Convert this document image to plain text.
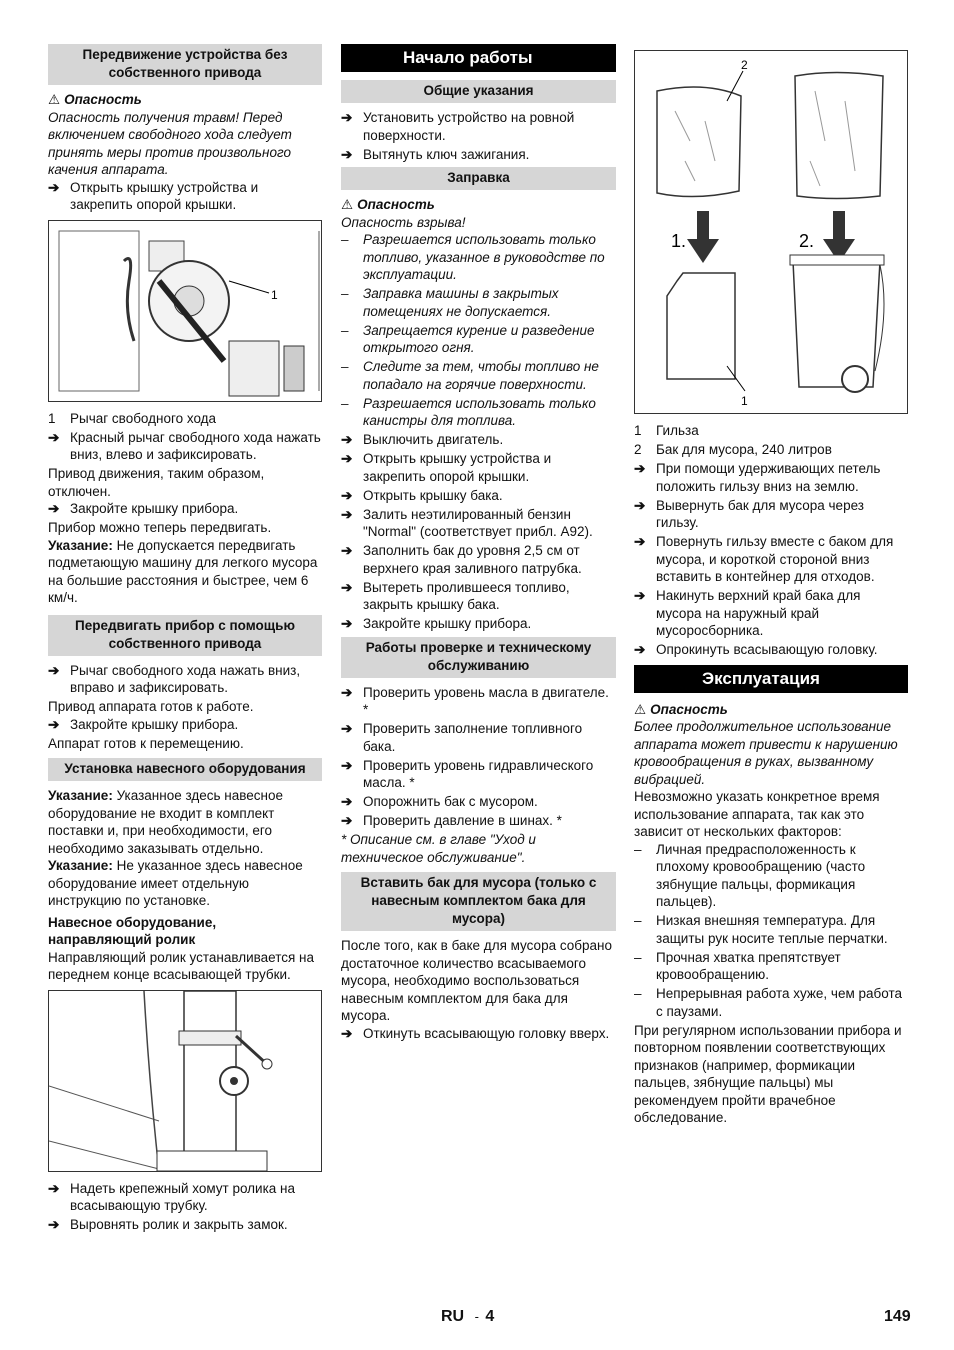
Передвижение устройства без собственного привода
⚠ Опасность

Опасность получения травм! Перед включением свободного хода следует принять меры против произвольного качения аппарата.

➔ Открыть крышку устройства и закрепить опорой крышки.
1
1 Рычаг свободного хода
➔ Красный рычаг свободного хода нажать вниз, влево и зафиксировать.

Привод движения, таким образом, отключен.

➔ Закройте крышку прибора.

Прибор можно теперь передвигать.

Указание: Не допускается передвигать подметающую машину для легкого мусора на большие расстояния и быстрее, чем 6 км/ч.

Передвигать прибор с помощью собственного привода
➔ Рычаг свободного хода нажать вниз, вправо и зафиксировать.

Привод аппарата готов к работе.

➔ Закройте крышку прибора.

Аппарат готов к перемещению.

Установка навесного оборудования

Указание: Указанное здесь навесное оборудование не входит в комплект поставки и, при необходимости, его необходимо заказывать отдельно.

Указание: Не указанное здесь навесное оборудование имеет отдельную инструкцию по установке.

Навесное оборудование, направляющий ролик

Направляющий ролик устанавливается на переднем конце всасывающей трубки.

➔ Надеть крепежный хомут ролика на всасывающую трубку.
➔ Выровнять ролик и закрыть замок.
Начало работы
Общие указания
➔ Установить устройство на ровной поверхности.
➔ Вытянуть ключ зажигания.
Заправка
⚠ Опасность

Опасность взрыва!

– Разрешается использовать только топливо, указанное в руководстве по эксплуатации.
– Заправка машины в закрытых помещениях не допускается.
– Запрещается курение и разведение открытого огня.
– Следите за тем, чтобы топливо не попадало на горячие поверхности.
– Разрешается использовать только канистры для топлива.
➔ Выключить двигатель.
➔ Открыть крышку устройства и закрепить опорой крышки.
➔ Открыть крышку бака.
➔ Залить неэтилированный бензин "Normal" (соответствует прибл. A92).
➔ Заполнить бак до уровня 2,5 см от верхнего края заливного патрубка.
➔ Вытереть пролившееся топливо, закрыть крышку бака.
➔ Закройте крышку прибора.
Работы проверке и техническому обслуживанию
➔ Проверить уровень масла в двигателе. *
➔ Проверить заполнение топливного бака.
➔ Проверить уровень гидравлического масла. *
➔ Опорожнить бак с мусором.
➔ Проверить давление в шинах. *

* Описание см. в главе "Уход и техническое обслуживание".

Вставить бак для мусора (только с навесным комплектом бака для мусора)

После того, как в баке для мусора собрано достаточное количество всасываемого мусора, необходимо воспользоваться навесным комплектом для бака для мусора.

➔ Откинуть всасывающую головку вверх.
2
1.	2.
1
1 Гильза
2 Бак для мусора, 240 литров
➔ При помощи удерживающих петель положить гильзу вниз на землю.
➔ Вывернуть бак для мусора через гильзу.
➔ Повернуть гильзу вместе с баком для мусора, и короткой стороной вниз вставить в контейнер для отходов.
➔ Накинуть верхний край бака для мусора на наружный край мусоросборника.
➔ Опрокинуть всасывающую головку.
Эксплуатация
⚠ Опасность

Более продолжительное использование аппарата может привести к нарушению кровообращения в руках, вызванному вибрацией.

Невозможно указать конкретное время использование аппарата, так как это зависит от нескольких факторов:

– Личная предрасположенность к плохому кровообращению (часто зябнущие пальцы, формикация пальцев).
– Низкая внешняя температура. Для защиты рук носите теплые перчатки.
– Прочная хватка препятствует кровообращению.
– Непрерывная работа хуже, чем работа с паузами.

При регулярном использовании прибора и повторном появлении соответствующих признаков (например, формикации пальцев, зябнущие пальцы) мы рекомендуем пройти врачебное обследование.

RU - 4	149
